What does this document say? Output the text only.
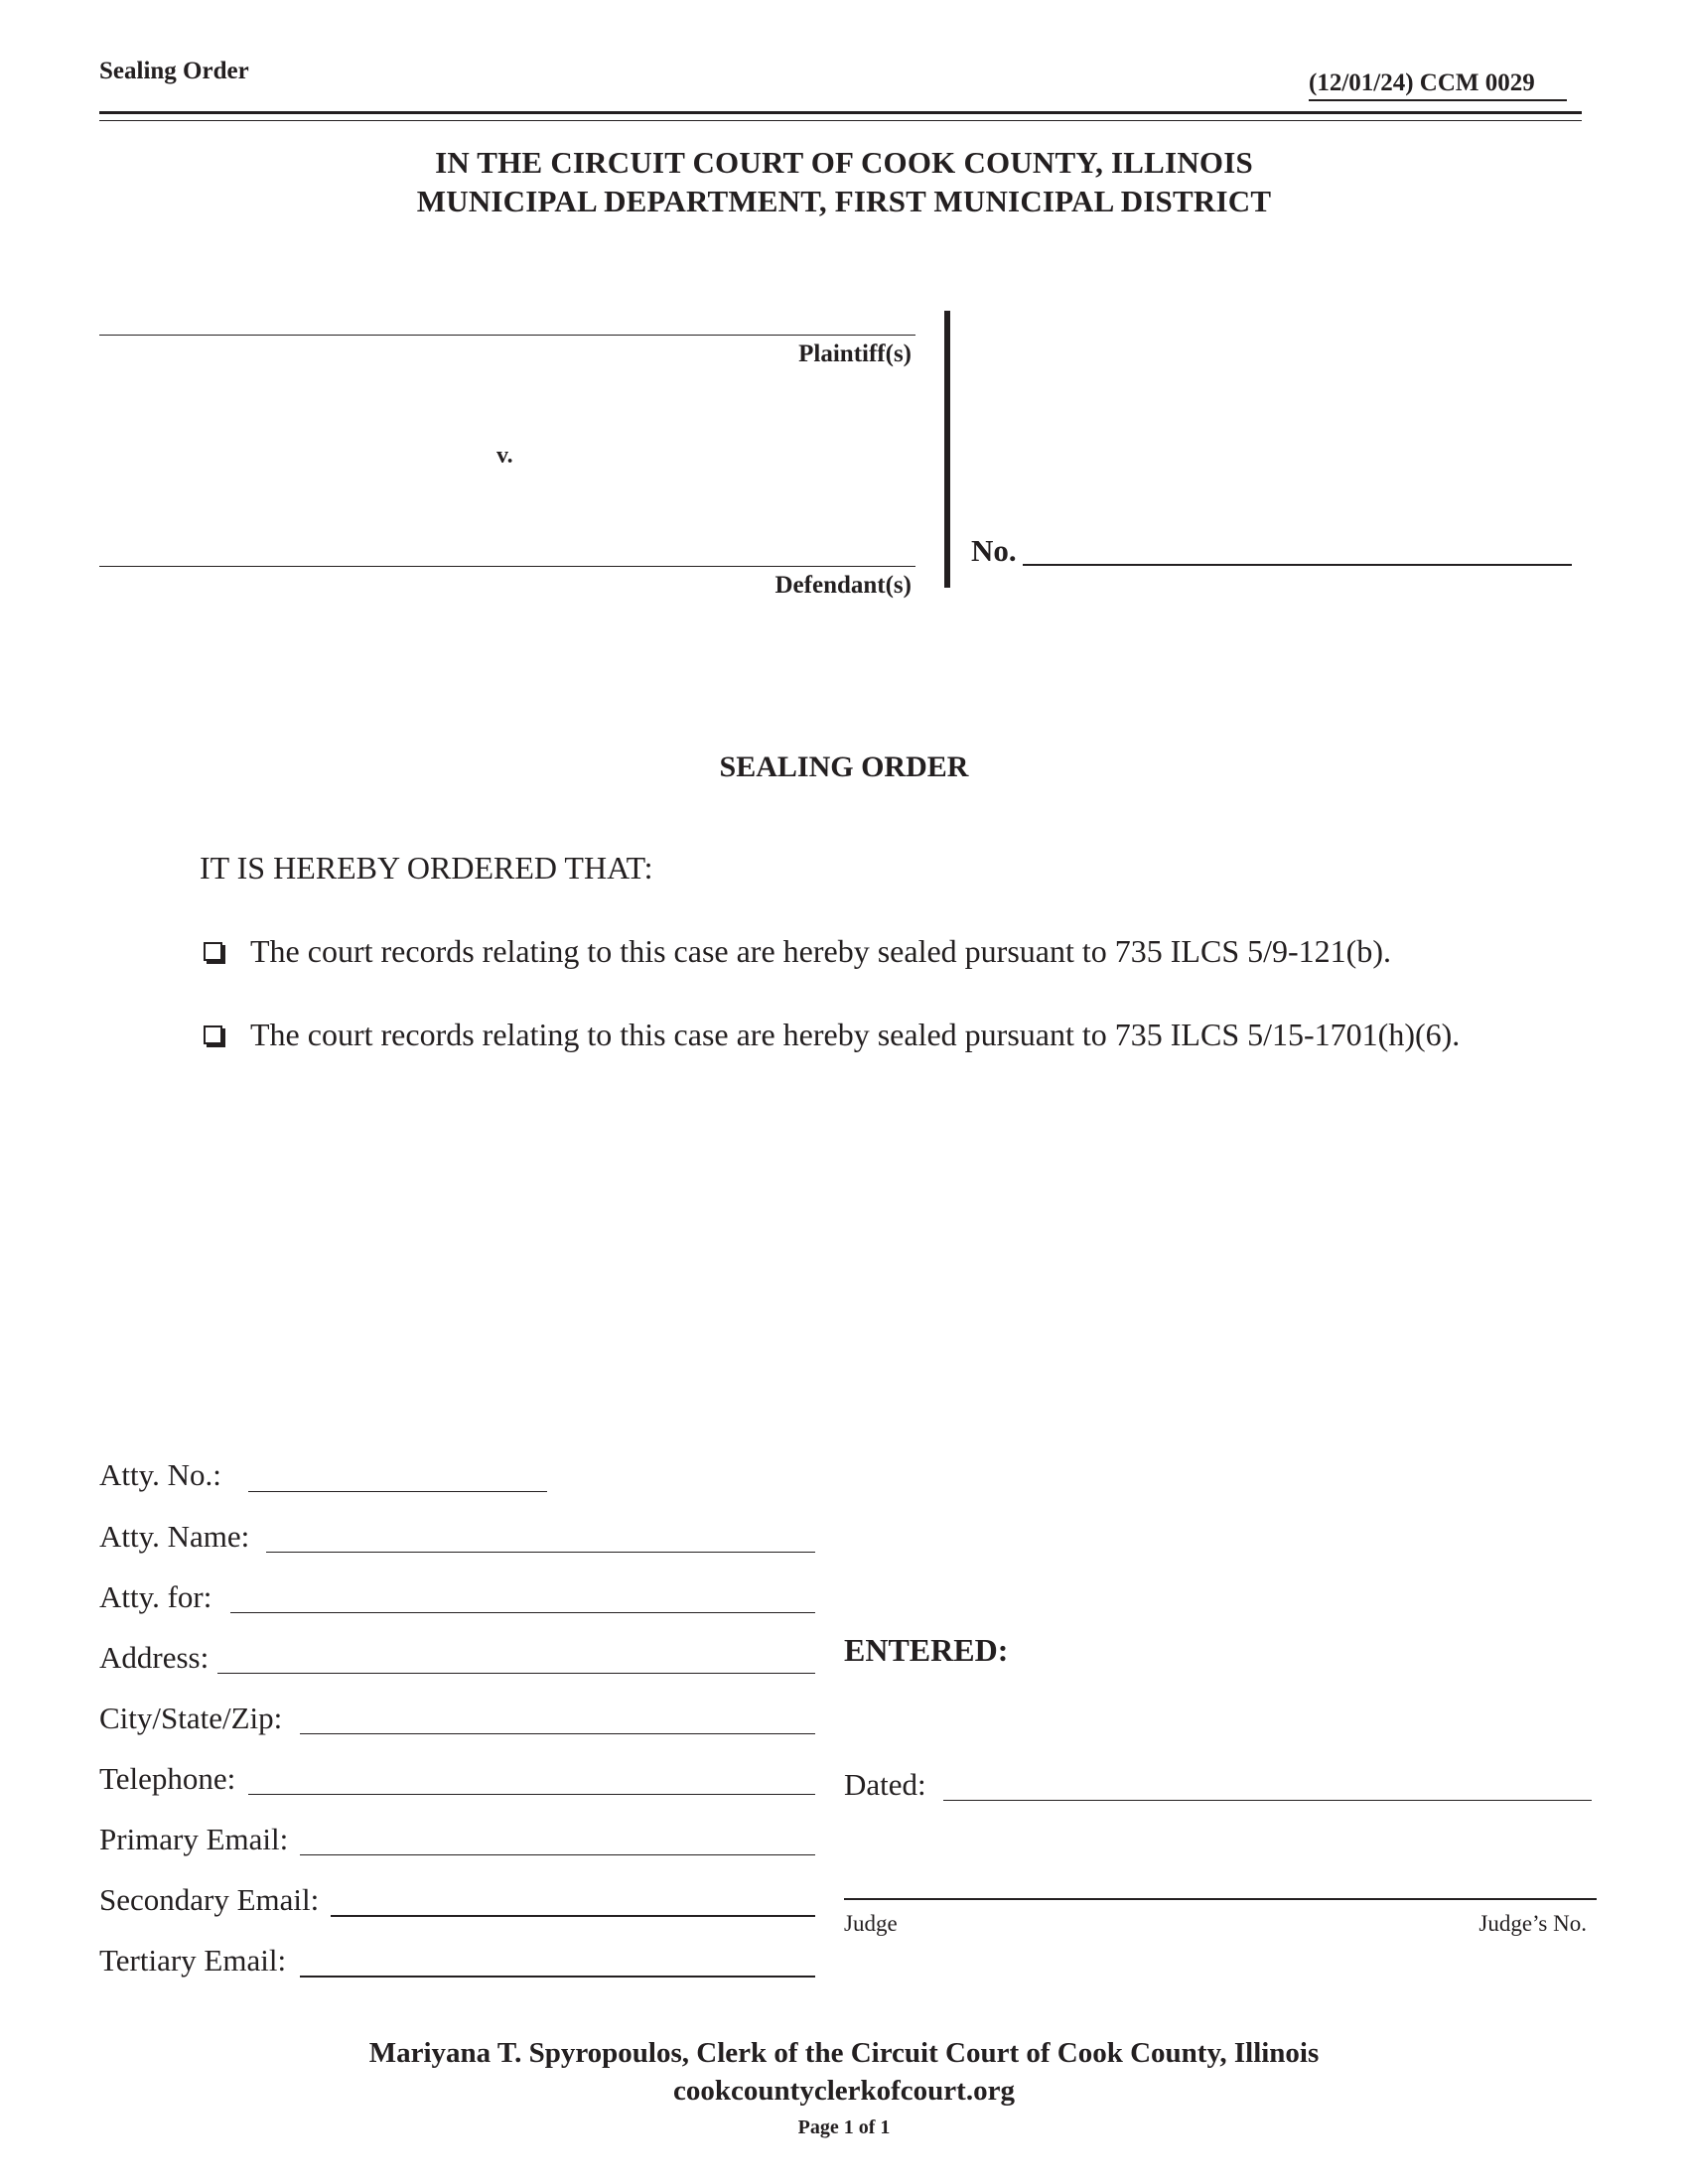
Sealing Order	(12/01/24) CCM 0029
IN THE CIRCUIT COURT OF COOK COUNTY, ILLINOIS
MUNICIPAL DEPARTMENT, FIRST MUNICIPAL DISTRICT
Plaintiff(s)
v.
Defendant(s)
No.
SEALING ORDER
IT IS HEREBY ORDERED THAT:
The court records relating to this case are hereby sealed pursuant to 735 ILCS 5/9-121(b).
The court records relating to this case are hereby sealed pursuant to 735 ILCS 5/15-1701(h)(6).
Atty. No.:
Atty. Name:
Atty. for:
Address:
City/State/Zip:
Telephone:
Primary Email:
Secondary Email:
Tertiary Email:
ENTERED:
Dated:
Judge	Judge’s No.
Mariyana T. Spyropoulos, Clerk of the Circuit Court of Cook County, Illinois
cookcountyclerkofcourt.org
Page 1 of 1
